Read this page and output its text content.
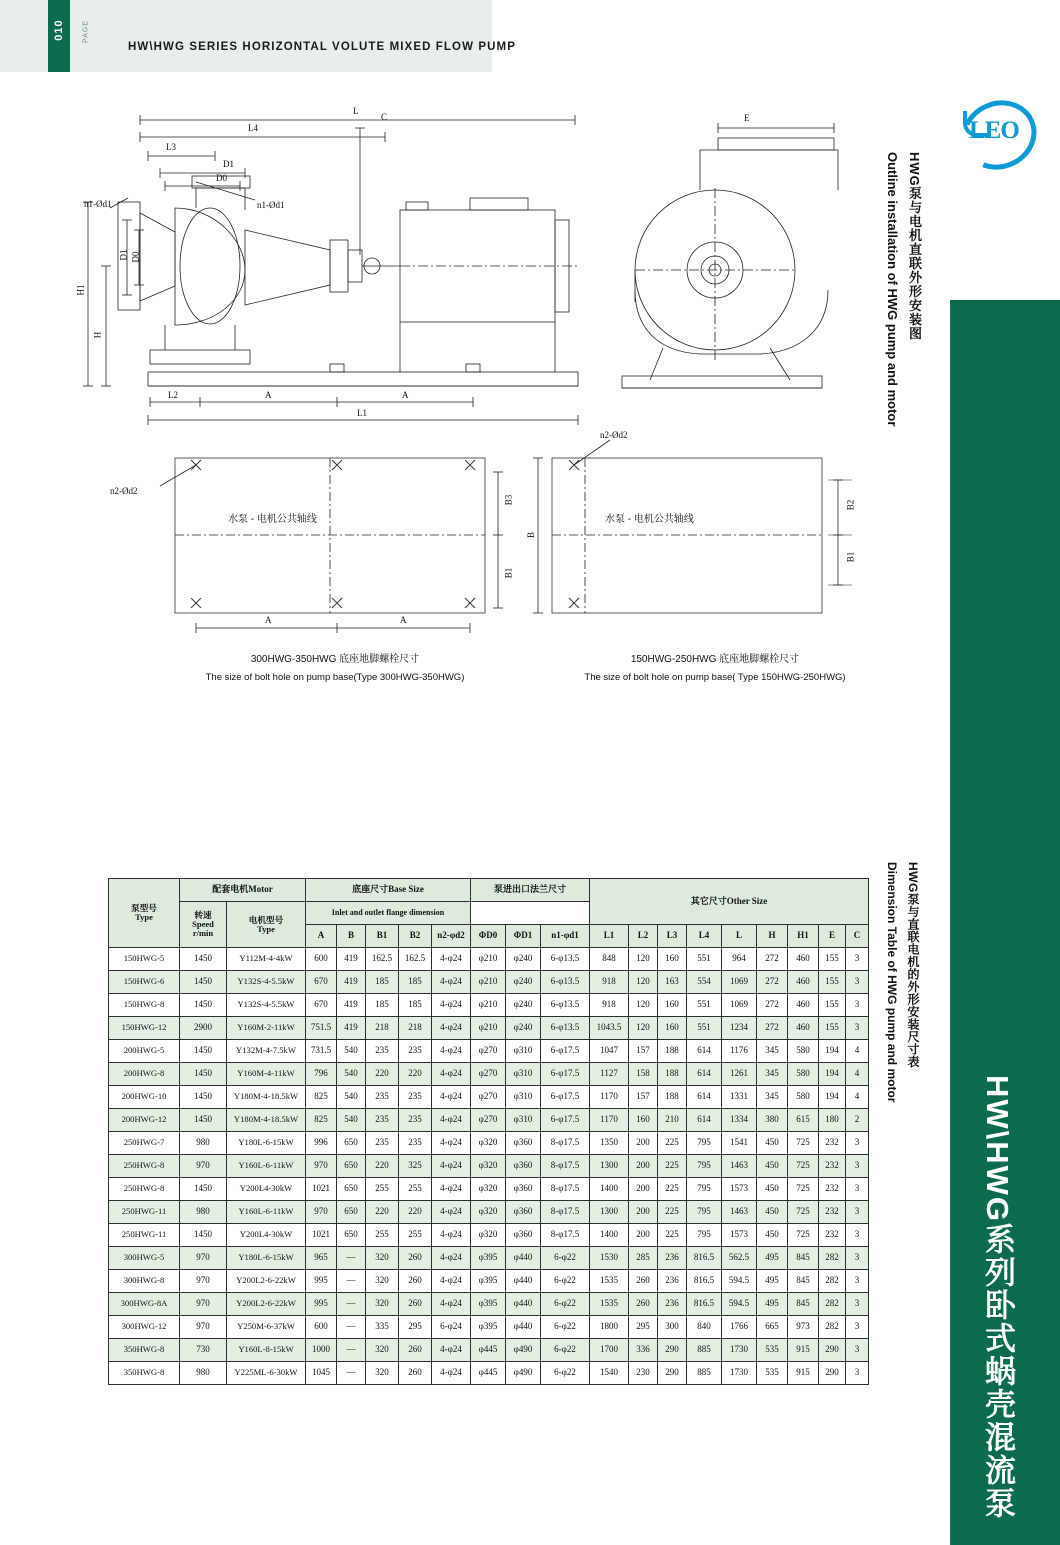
010	PAGE
HW\HWG SERIES HORIZONTAL VOLUTE MIXED FLOW PUMP
LEO
HWG泵与电机直联外形安装图
Outline installation of HWG pump and motor
HWG泵与直联电机的外形安装尺寸表
Dimension Table of HWG pump and motor
HW\HWG系列卧式蜗壳混流泵
L
L4
L3
D1
D0
C	E
n1-Ød1	n1-Ød1
D1 D0
H1
H
L2	A	A
L1
n2-Ød2
n2-Ød2
B3
B1
A	A
B
B2
B1
水泵 - 电机公共轴线	水泵 - 电机公共轴线
300HWG-350HWG 底座地脚螺栓尺寸
The size of bolt hole on pump base(Type 300HWG-350HWG)
150HWG-250HWG 底座地脚螺栓尺寸
The size of bolt hole on pump base( Type 150HWG-250HWG)
泵型号
Type	配套电机Motor		底座尺寸Base Size					泵进出口法兰尺寸			其它尺寸Other Size								

转速
Speed
r/min

电机型号
Type
	Inlet and outlet flange dimension
			A	B	B1	B2	n2-φd2	ΦD0	ΦD1	n1-φd1	L1	L2	L3	L4	L	H	H1	E	C
150HWG-5	1450	Y112M-4-4kW	600	419	162.5	162.5	4-φ24	φ210	φ240	6-φ13.5	848	120	160	551	964	272	460	155	3
150HWG-6	1450	Y132S-4-5.5kW	670	419	185	185	4-φ24	φ210	φ240	6-φ13.5	918	120	163	554	1069	272	460	155	3
150HWG-8	1450	Y132S-4-5.5kW	670	419	185	185	4-φ24	φ210	φ240	6-φ13.5	918	120	160	551	1069	272	460	155	3
150HWG-12	2900	Y160M-2-11kW	751.5	419	218	218	4-φ24	φ210	φ240	6-φ13.5	1043.5	120	160	551	1234	272	460	155	3
200HWG-5	1450	Y132M-4-7.5kW	731.5	540	235	235	4-φ24	φ270	φ310	6-φ17.5	1047	157	188	614	1176	345	580	194	4
200HWG-8	1450	Y160M-4-11kW	796	540	220	220	4-φ24	φ270	φ310	6-φ17.5	1127	158	188	614	1261	345	580	194	4
200HWG-10	1450	Y180M-4-18.5kW	825	540	235	235	4-φ24	φ270	φ310	6-φ17.5	1170	157	188	614	1331	345	580	194	4
200HWG-12	1450	Y180M-4-18.5kW	825	540	235	235	4-φ24	φ270	φ310	6-φ17.5	1170	160	210	614	1334	380	615	180	2
250HWG-7	980	Y180L-6-15kW	996	650	235	235	4-φ24	φ320	φ360	8-φ17.5	1350	200	225	795	1541	450	725	232	3
250HWG-8	970	Y160L-6-11kW	970	650	220	325	4-φ24	φ320	φ360	8-φ17.5	1300	200	225	795	1463	450	725	232	3
250HWG-8	1450	Y200L4-30kW	1021	650	255	255	4-φ24	φ320	φ360	8-φ17.5	1400	200	225	795	1573	450	725	232	3
250HWG-11	980	Y160L-6-11kW	970	650	220	220	4-φ24	φ320	φ360	8-φ17.5	1300	200	225	795	1463	450	725	232	3
250HWG-11	1450	Y200L4-30kW	1021	650	255	255	4-φ24	φ320	φ360	8-φ17.5	1400	200	225	795	1573	450	725	232	3
300HWG-5	970	Y180L-6-15kW	965	—	320	260	4-φ24	φ395	φ440	6-φ22	1530	285	236	816.5	562.5	495	845	282	3
300HWG-8	970	Y200L2-6-22kW	995	—	320	260	4-φ24	φ395	φ440	6-φ22	1535	260	236	816.5	594.5	495	845	282	3
300HWG-8A	970	Y200L2-6-22kW	995	—	320	260	4-φ24	φ395	φ440	6-φ22	1535	260	236	816.5	594.5	495	845	282	3
300HWG-12	970	Y250M-6-37kW	600	—	335	295	6-φ24	φ395	φ440	6-φ22	1800	295	300	840	1766	665	973	282	3
350HWG-8	730	Y160L-8-15kW	1000	—	320	260	4-φ24	φ445	φ490	6-φ22	1700	336	290	885	1730	535	915	290	3
350HWG-8	980	Y225ML-6-30kW	1045	—	320	260	4-φ24	φ445	φ490	6-φ22	1540	230	290	885	1730	535	915	290	3
